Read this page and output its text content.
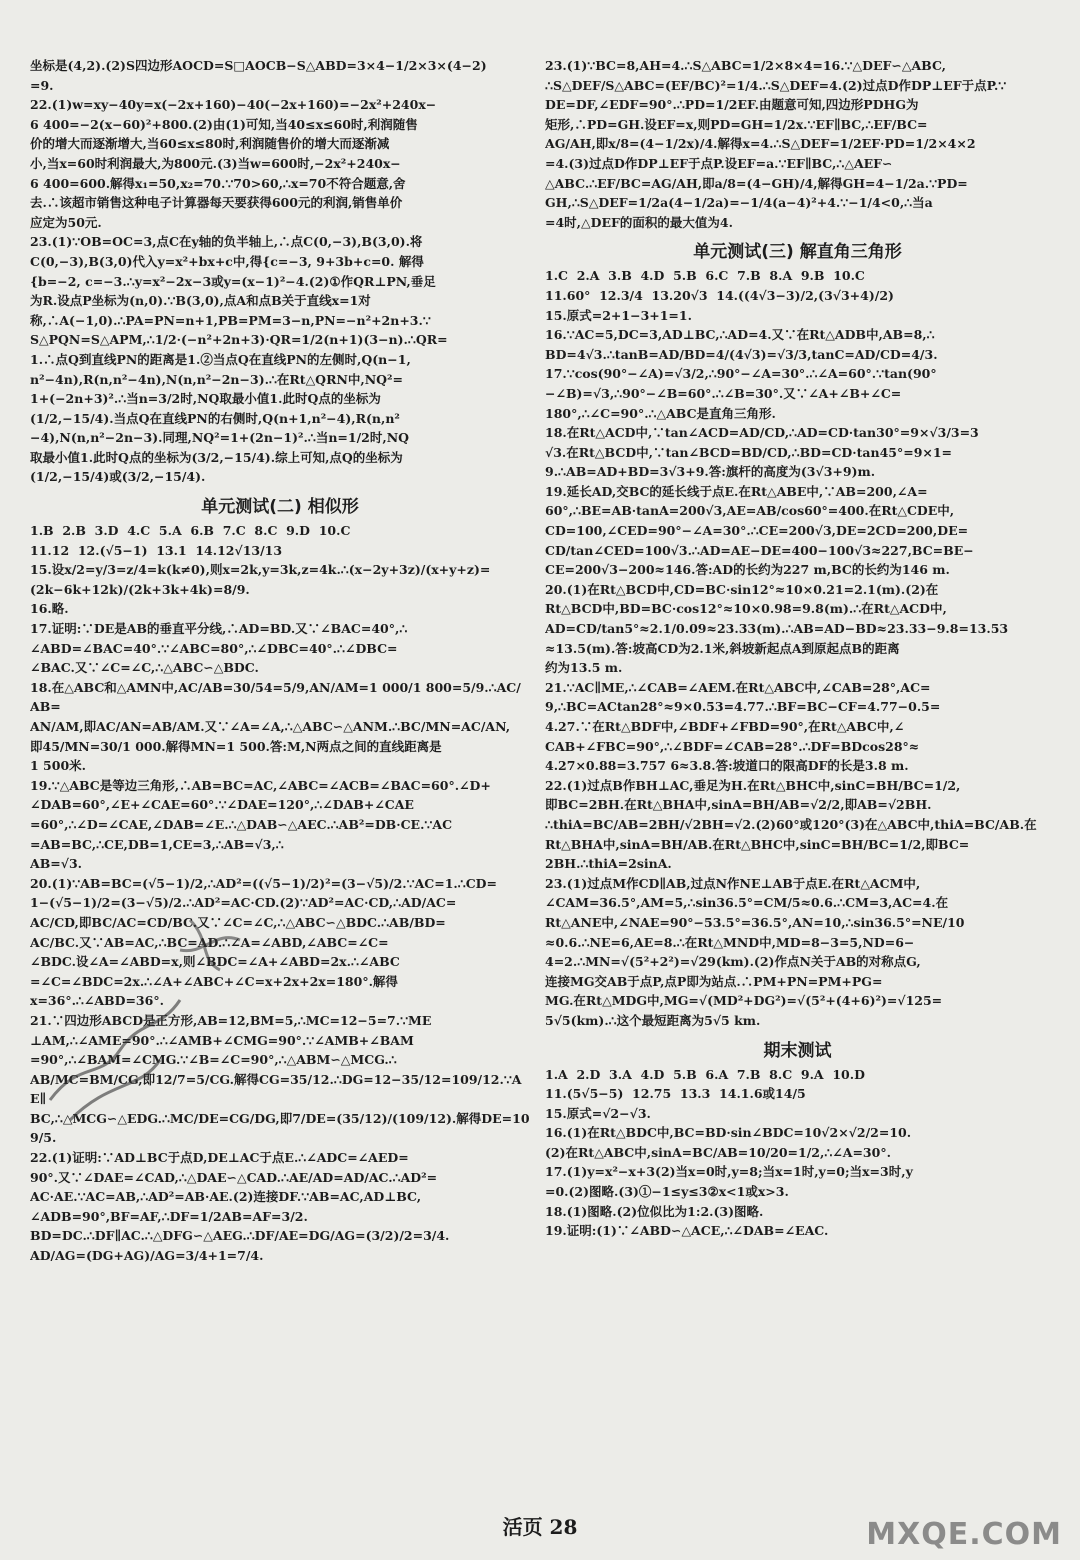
坐标是(4,2).(2)S四边形AOCD=S□AOCB−S△ABD=3×4−1/2×3×(4−2)
=9.
22.(1)w=xy−40y=x(−2x+160)−40(−2x+160)=−2x²+240x−
6 400=−2(x−60)²+800.(2)由(1)可知,当40≤x≤60时,利润随售
价的增大而逐渐增大,当60≤x≤80时,利润随售价的增大而逐渐减
小,当x=60时利润最大,为800元.(3)当w=600时,−2x²+240x−
6 400=600.解得x₁=50,x₂=70.∵70>60,∴x=70不符合题意,舍
去.∴该超市销售这种电子计算器每天要获得600元的利润,销售单价
应定为50元.
23.(1)∵OB=OC=3,点C在y轴的负半轴上,∴点C(0,−3),B(3,0).将
C(0,−3),B(3,0)代入y=x²+bx+c中,得{c=−3, 9+3b+c=0. 解得
{b=−2, c=−3.∴y=x²−2x−3或y=(x−1)²−4.(2)①作QR⊥PN,垂足
为R.设点P坐标为(n,0).∵B(3,0),点A和点B关于直线x=1对
称,∴A(−1,0).∴PA=PN=n+1,PB=PM=3−n,PN=−n²+2n+3.∵
S△PQN=S△APM,∴1/2·(−n²+2n+3)·QR=1/2(n+1)(3−n).∴QR=
1.∴点Q到直线PN的距离是1.②当点Q在直线PN的左侧时,Q(n−1,
n²−4n),R(n,n²−4n),N(n,n²−2n−3).∴在Rt△QRN中,NQ²=
1+(−2n+3)².∴当n=3/2时,NQ取最小值1.此时Q点的坐标为
(1/2,−15/4).当点Q在直线PN的右侧时,Q(n+1,n²−4),R(n,n²
−4),N(n,n²−2n−3).同理,NQ²=1+(2n−1)².∴当n=1/2时,NQ
取最小值1.此时Q点的坐标为(3/2,−15/4).综上可知,点Q的坐标为
(1/2,−15/4)或(3/2,−15/4).
单元测试(二) 相似形
1.B  2.B  3.D  4.C  5.A  6.B  7.C  8.C  9.D  10.C
11.12  12.(√5−1)  13.1  14.12√13/13
15.设x/2=y/3=z/4=k(k≠0),则x=2k,y=3k,z=4k.∴(x−2y+3z)/(x+y+z)=
(2k−6k+12k)/(2k+3k+4k)=8/9.
16.略.
17.证明:∵DE是AB的垂直平分线,∴AD=BD.又∵∠BAC=40°,∴
∠ABD=∠BAC=40°.∵∠ABC=80°,∴∠DBC=40°.∴∠DBC=
∠BAC.又∵∠C=∠C,∴△ABC∽△BDC.
18.在△ABC和△AMN中,AC/AB=30/54=5/9,AN/AM=1 000/1 800=5/9.∴AC/AB=
AN/AM,即AC/AN=AB/AM.又∵∠A=∠A,∴△ABC∽△ANM.∴BC/MN=AC/AN,
即45/MN=30/1 000.解得MN=1 500.答:M,N两点之间的直线距离是
1 500米.
19.∵△ABC是等边三角形,∴AB=BC=AC,∠ABC=∠ACB=∠BAC=60°.∠D+
∠DAB=60°,∠E+∠CAE=60°.∵∠DAE=120°,∴∠DAB+∠CAE
=60°,∴∠D=∠CAE,∠DAB=∠E.∴△DAB∽△AEC.∴AB²=DB·CE.∵AC
=AB=BC,∴CE,DB=1,CE=3,∴AB=√3,∴
AB=√3.
20.(1)∵AB=BC=(√5−1)/2,∴AD²=((√5−1)/2)²=(3−√5)/2.∵AC=1.∴CD=
1−(√5−1)/2=(3−√5)/2.∴AD²=AC·CD.(2)∵AD²=AC·CD,∴AD/AC=
AC/CD,即BC/AC=CD/BC.又∵∠C=∠C,∴△ABC∽△BDC.∴AB/BD=
AC/BC.又∵AB=AC,∴BC=AD.∴∠A=∠ABD,∠ABC=∠C=
∠BDC.设∠A=∠ABD=x,则∠BDC=∠A+∠ABD=2x.∴∠ABC
=∠C=∠BDC=2x.∴∠A+∠ABC+∠C=x+2x+2x=180°.解得
x=36°.∴∠ABD=36°.
21.∵四边形ABCD是正方形,AB=12,BM=5,∴MC=12−5=7.∵ME
⊥AM,∴∠AME=90°.∴∠AMB+∠CMG=90°.∵∠AMB+∠BAM
=90°,∴∠BAM=∠CMG.∵∠B=∠C=90°,∴△ABM∽△MCG.∴
AB/MC=BM/CG,即12/7=5/CG.解得CG=35/12.∴DG=12−35/12=109/12.∵AE∥
BC,∴△MCG∽△EDG.∴MC/DE=CG/DG,即7/DE=(35/12)/(109/12).解得DE=109/5.
22.(1)证明:∵AD⊥BC于点D,DE⊥AC于点E.∴∠ADC=∠AED=
90°.又∵∠DAE=∠CAD,∴△DAE∽△CAD.∴AE/AD=AD/AC.∴AD²=
AC·AE.∵AC=AB,∴AD²=AB·AE.(2)连接DF.∵AB=AC,AD⊥BC,
∠ADB=90°,BF=AF,∴DF=1/2AB=AF=3/2.
BD=DC.∴DF∥AC.∴△DFG∽△AEG.∴DF/AE=DG/AG=(3/2)/2=3/4.
AD/AG=(DG+AG)/AG=3/4+1=7/4.
23.(1)∵BC=8,AH=4.∴S△ABC=1/2×8×4=16.∵△DEF∽△ABC,
∴S△DEF/S△ABC=(EF/BC)²=1/4.∴S△DEF=4.(2)过点D作DP⊥EF于点P.∵
DE=DF,∠EDF=90°.∴PD=1/2EF.由题意可知,四边形PDHG为
矩形,∴PD=GH.设EF=x,则PD=GH=1/2x.∵EF∥BC,∴EF/BC=
AG/AH,即x/8=(4−1/2x)/4.解得x=4.∴S△DEF=1/2EF·PD=1/2×4×2
=4.(3)过点D作DP⊥EF于点P.设EF=a.∵EF∥BC,∴△AEF∽
△ABC.∴EF/BC=AG/AH,即a/8=(4−GH)/4,解得GH=4−1/2a.∵PD=
GH,∴S△DEF=1/2a(4−1/2a)=−1/4(a−4)²+4.∵−1/4<0,∴当a
=4时,△DEF的面积的最大值为4.
单元测试(三) 解直角三角形
1.C  2.A  3.B  4.D  5.B  6.C  7.B  8.A  9.B  10.C
11.60°  12.3/4  13.20√3  14.((4√3−3)/2,(3√3+4)/2)
15.原式=2+1−3+1=1.
16.∵AC=5,DC=3,AD⊥BC,∴AD=4.又∵在Rt△ADB中,AB=8,∴
BD=4√3.∴tanB=AD/BD=4/(4√3)=√3/3,tanC=AD/CD=4/3.
17.∵cos(90°−∠A)=√3/2,∴90°−∠A=30°.∴∠A=60°.∵tan(90°
−∠B)=√3,∴90°−∠B=60°.∴∠B=30°.又∵∠A+∠B+∠C=
180°,∴∠C=90°.∴△ABC是直角三角形.
18.在Rt△ACD中,∵tan∠ACD=AD/CD,∴AD=CD·tan30°=9×√3/3=3
√3.在Rt△BCD中,∵tan∠BCD=BD/CD,∴BD=CD·tan45°=9×1=
9.∴AB=AD+BD=3√3+9.答:旗杆的高度为(3√3+9)m.
19.延长AD,交BC的延长线于点E.在Rt△ABE中,∵AB=200,∠A=
60°,∴BE=AB·tanA=200√3,AE=AB/cos60°=400.在Rt△CDE中,
CD=100,∠CED=90°−∠A=30°.∴CE=200√3,DE=2CD=200,DE=
CD/tan∠CED=100√3.∴AD=AE−DE=400−100√3≈227,BC=BE−
CE=200√3−200≈146.答:AD的长约为227 m,BC的长约为146 m.
20.(1)在Rt△BCD中,CD=BC·sin12°≈10×0.21=2.1(m).(2)在
Rt△BCD中,BD=BC·cos12°≈10×0.98=9.8(m).∴在Rt△ACD中,
AD=CD/tan5°≈2.1/0.09≈23.33(m).∴AB=AD−BD≈23.33−9.8=13.53
≈13.5(m).答:坡高CD为2.1米,斜坡新起点A到原起点B的距离
约为13.5 m.
21.∵AC∥ME,∴∠CAB=∠AEM.在Rt△ABC中,∠CAB=28°,AC=
9,∴BC=ACtan28°≈9×0.53=4.77.∴BF=BC−CF=4.77−0.5=
4.27.∵在Rt△BDF中,∠BDF+∠FBD=90°,在Rt△ABC中,∠
CAB+∠FBC=90°,∴∠BDF=∠CAB=28°.∴DF=BDcos28°≈
4.27×0.88=3.757 6≈3.8.答:坡道口的限高DF的长是3.8 m.
22.(1)过点B作BH⊥AC,垂足为H.在Rt△BHC中,sinC=BH/BC=1/2,
即BC=2BH.在Rt△BHA中,sinA=BH/AB=√2/2,即AB=√2BH.
∴thiA=BC/AB=2BH/√2BH=√2.(2)60°或120°(3)在△ABC中,thiA=BC/AB.在
Rt△BHA中,sinA=BH/AB.在Rt△BHC中,sinC=BH/BC=1/2,即BC=
2BH.∴thiA=2sinA.
23.(1)过点M作CD∥AB,过点N作NE⊥AB于点E.在Rt△ACM中,
∠CAM=36.5°,AM=5,∴sin36.5°=CM/5≈0.6.∴CM=3,AC=4.在
Rt△ANE中,∠NAE=90°−53.5°=36.5°,AN=10,∴sin36.5°=NE/10
≈0.6.∴NE=6,AE=8.∴在Rt△MND中,MD=8−3=5,ND=6−
4=2.∴MN=√(5²+2²)=√29(km).(2)作点N关于AB的对称点G,
连接MG交AB于点P,点P即为站点.∴PM+PN=PM+PG=
MG.在Rt△MDG中,MG=√(MD²+DG²)=√(5²+(4+6)²)=√125=
5√5(km).∴这个最短距离为5√5 km.
期末测试
1.A  2.D  3.A  4.D  5.B  6.A  7.B  8.C  9.A  10.D
11.(5√5−5)  12.75  13.3  14.1.6或14/5
15.原式=√2−√3.
16.(1)在Rt△BDC中,BC=BD·sin∠BDC=10√2×√2/2=10.
(2)在Rt△ABC中,sinA=BC/AB=10/20=1/2,∴∠A=30°.
17.(1)y=x²−x+3(2)当x=0时,y=8;当x=1时,y=0;当x=3时,y
=0.(2)图略.(3)①−1≤y≤3②x<1或x>3.
18.(1)图略.(2)位似比为1:2.(3)图略.
19.证明:(1)∵∠ABD∽△ACE,∴∠DAB=∠EAC.
活页 28	MXQE.COM
